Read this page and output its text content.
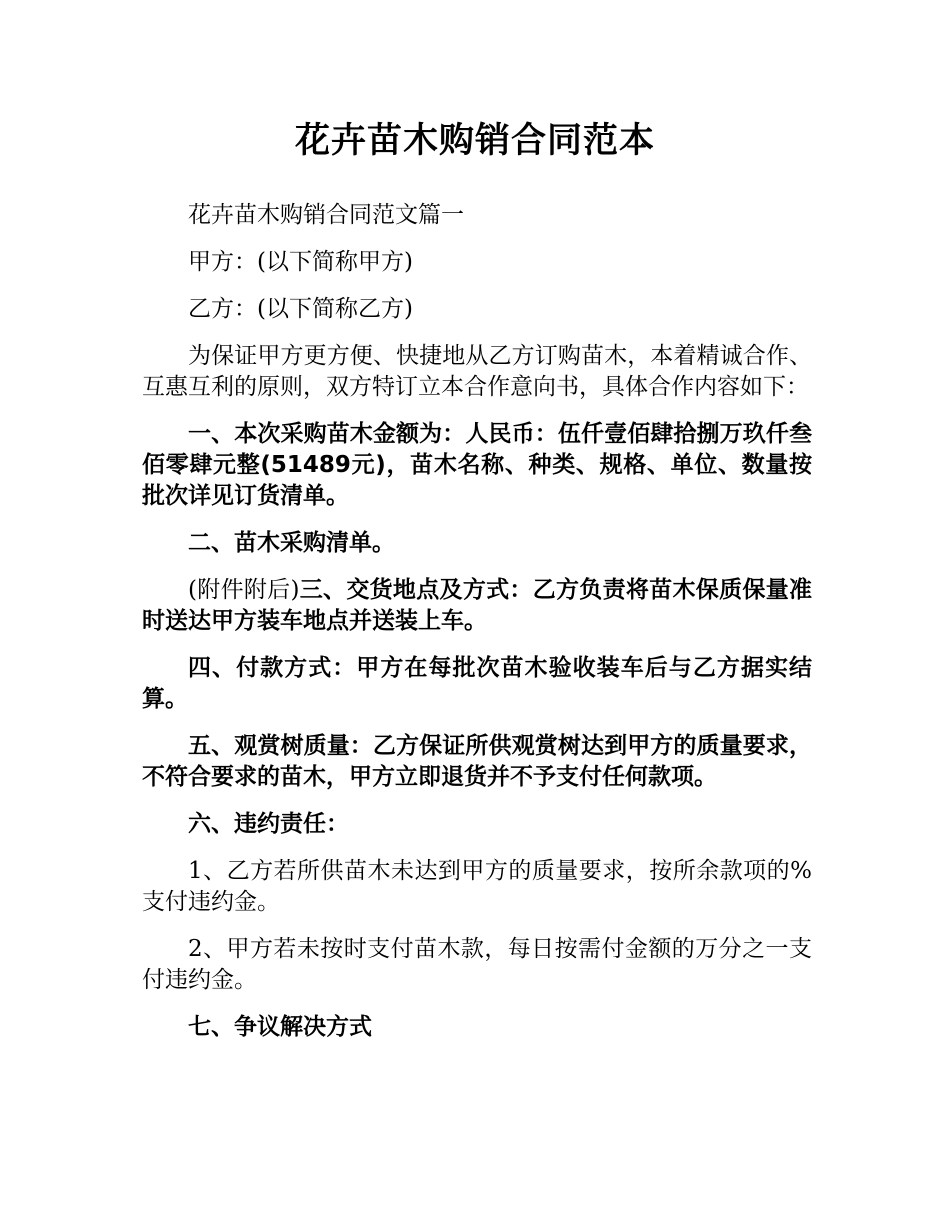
花卉苗木购销合同范本

花卉苗木购销合同范文篇一

甲方：(以下简称甲方)

乙方：(以下简称乙方)

为保证甲方更方便、快捷地从乙方订购苗木，本着精诚合作、互惠互利的原则，双方特订立本合作意向书，具体合作内容如下：

一、本次采购苗木金额为：人民币：伍仟壹佰肆拾捌万玖仟叁佰零肆元整(51489元)，苗木名称、种类、规格、单位、数量按批次详见订货清单。

二、苗木采购清单。

(附件附后)三、交货地点及方式：乙方负责将苗木保质保量准时送达甲方装车地点并送装上车。

四、付款方式：甲方在每批次苗木验收装车后与乙方据实结算。

五、观赏树质量：乙方保证所供观赏树达到甲方的质量要求，不符合要求的苗木，甲方立即退货并不予支付任何款项。

六、违约责任：

1、乙方若所供苗木未达到甲方的质量要求，按所余款项的%支付违约金。

2、甲方若未按时支付苗木款，每日按需付金额的万分之一支付违约金。

七、争议解决方式
